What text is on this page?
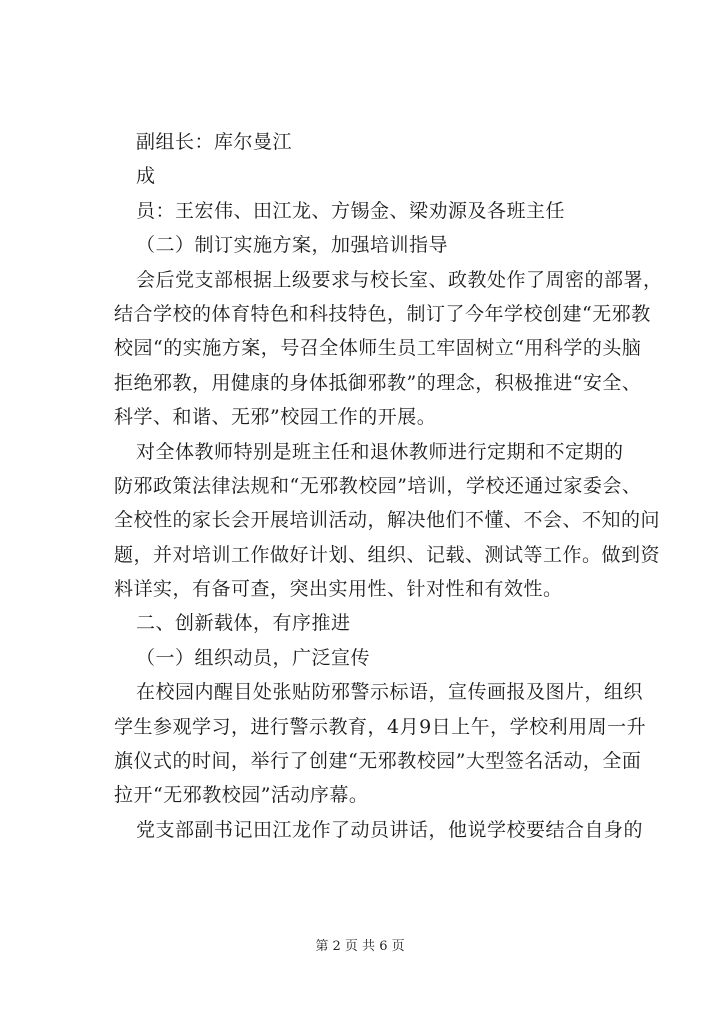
副组长：库尔曼江
成
员：王宏伟、田江龙、方锡金、梁劝源及各班主任
（二）制订实施方案，加强培训指导
会后党支部根据上级要求与校长室、政教处作了周密的部署，
结合学校的体育特色和科技特色，制订了今年学校创建“无邪教
校园“的实施方案，号召全体师生员工牢固树立“用科学的头脑
拒绝邪教，用健康的身体抵御邪教”的理念，积极推进“安全、
科学、和谐、无邪”校园工作的开展。
对全体教师特别是班主任和退休教师进行定期和不定期的
防邪政策法律法规和“无邪教校园”培训，学校还通过家委会、
全校性的家长会开展培训活动，解决他们不懂、不会、不知的问
题，并对培训工作做好计划、组织、记载、测试等工作。做到资
料详实，有备可查，突出实用性、针对性和有效性。
二、创新载体，有序推进
（一）组织动员，广泛宣传
在校园内醒目处张贴防邪警示标语，宣传画报及图片，组织
学生参观学习，进行警示教育，4月9日上午，学校利用周一升
旗仪式的时间，举行了创建“无邪教校园”大型签名活动，全面
拉开“无邪教校园”活动序幕。
党支部副书记田江龙作了动员讲话，他说学校要结合自身的
第 2 页 共 6 页
